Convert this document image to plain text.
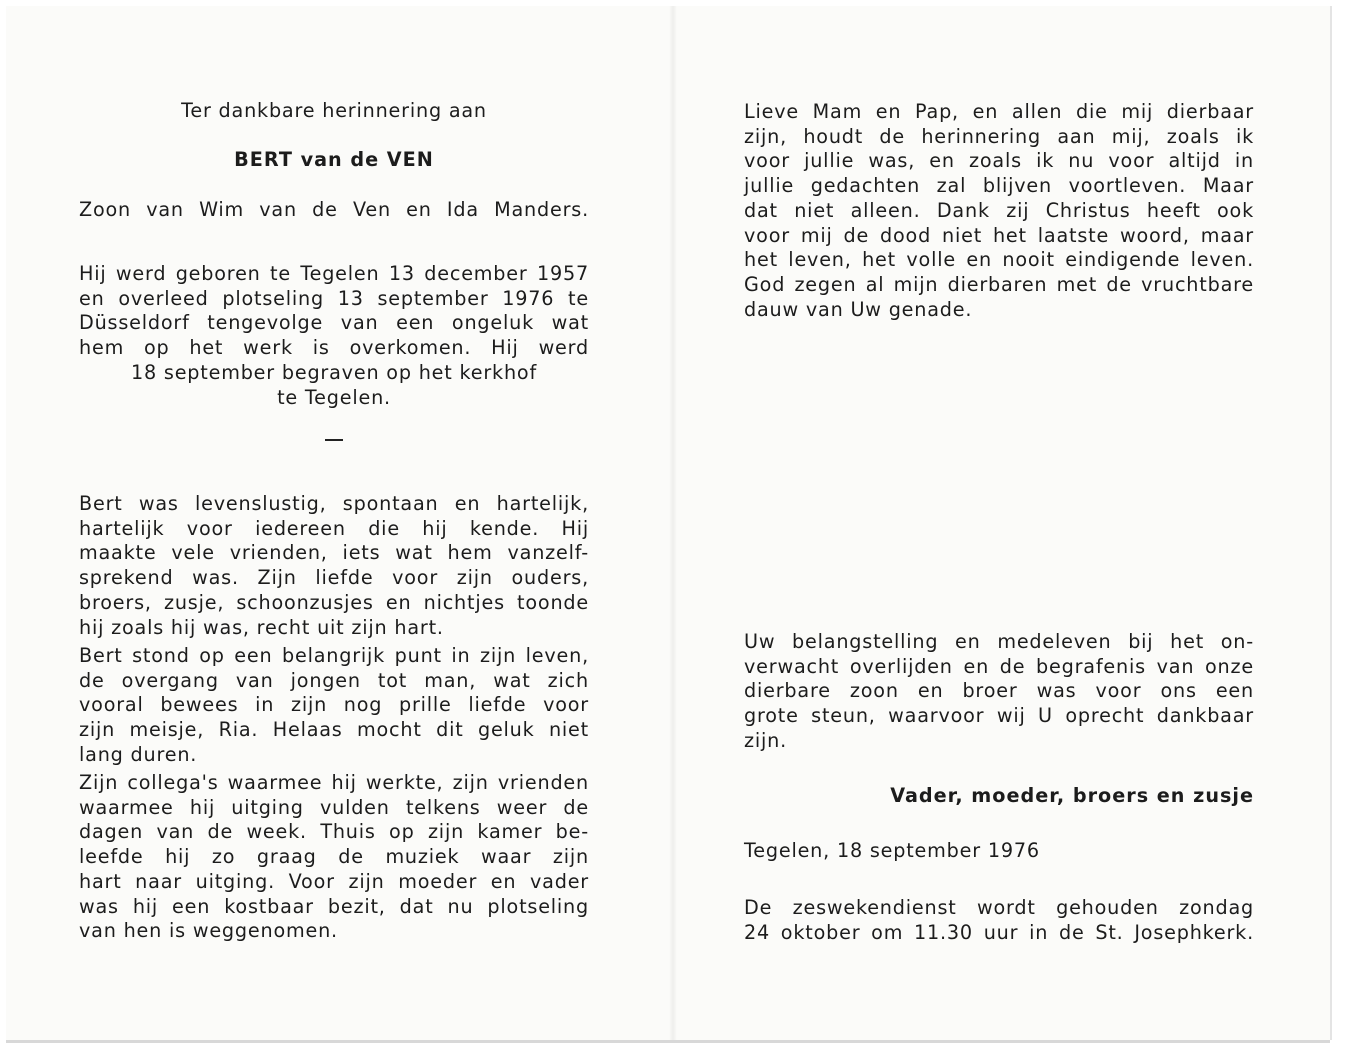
Ter dankbare herinnering aan
BERT van de VEN
Zoon van Wim van de Ven en Ida Manders.
Hij werd geboren te Tegelen 13 december 1957
en overleed plotseling 13 september 1976 te
Düsseldorf tengevolge van een ongeluk wat
hem op het werk is overkomen. Hij werd
18 september begraven op het kerkhof
te Tegelen.
Bert was levenslustig, spontaan en hartelijk,
hartelijk voor iedereen die hij kende. Hij
maakte vele vrienden, iets wat hem vanzelf-
sprekend was. Zijn liefde voor zijn ouders,
broers, zusje, schoonzusjes en nichtjes toonde
hij zoals hij was, recht uit zijn hart.
Bert stond op een belangrijk punt in zijn leven,
de overgang van jongen tot man, wat zich
vooral bewees in zijn nog prille liefde voor
zijn meisje, Ria. Helaas mocht dit geluk niet
lang duren.
Zijn collega's waarmee hij werkte, zijn vrienden
waarmee hij uitging vulden telkens weer de
dagen van de week. Thuis op zijn kamer be-
leefde hij zo graag de muziek waar zijn
hart naar uitging. Voor zijn moeder en vader
was hij een kostbaar bezit, dat nu plotseling
van hen is weggenomen.
Lieve Mam en Pap, en allen die mij dierbaar
zijn, houdt de herinnering aan mij, zoals ik
voor jullie was, en zoals ik nu voor altijd in
jullie gedachten zal blijven voortleven. Maar
dat niet alleen. Dank zij Christus heeft ook
voor mij de dood niet het laatste woord, maar
het leven, het volle en nooit eindigende leven.
God zegen al mijn dierbaren met de vruchtbare
dauw van Uw genade.
Uw belangstelling en medeleven bij het on-
verwacht overlijden en de begrafenis van onze
dierbare zoon en broer was voor ons een
grote steun, waarvoor wij U oprecht dankbaar
zijn.
Vader, moeder, broers en zusje
Tegelen, 18 september 1976
De zeswekendienst wordt gehouden zondag
24 oktober om 11.30 uur in de St. Josephkerk.
